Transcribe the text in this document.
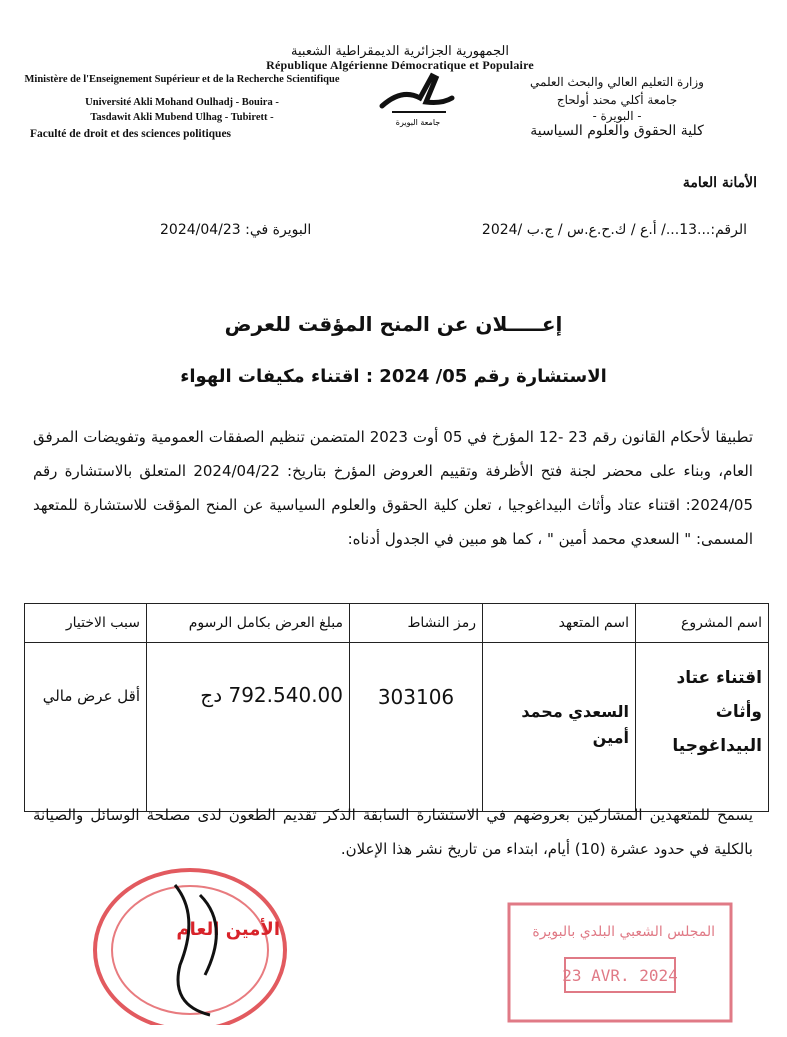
الجمهورية الجزائرية الديمقراطية الشعبية
République Algérienne Démocratique et Populaire
Ministère de l'Enseignement Supérieur et de la Recherche Scientifique
Université Akli Mohand Oulhadj - Bouira -
Tasdawit Akli Mubend Ulhag - Tubirett -
Faculté de droit et des sciences politiques
جامعة البويرة
وزارة التعليم العالي والبحث العلمي
جامعة أكلي محند أولحاج
- البويرة -
كلية الحقوق والعلوم السياسية
الأمانة العامة
الرقم:...13.../ أ.ع / ك.ح.ع.س / ج.ب /2024
البويرة في: 2024/04/23
إعـــــلان عن المنح المؤقت للعرض
الاستشارة رقم 05/ 2024 : اقتناء مكيفات الهواء
تطبيقا لأحكام القانون رقم 23 -12 المؤرخ في 05 أوت 2023 المتضمن تنظيم الصفقات العمومية وتفويضات المرفق العام، وبناء على محضر لجنة فتح الأظرفة وتقييم العروض المؤرخ بتاريخ: 2024/04/22 المتعلق بالاستشارة رقم 2024/05: اقتناء عتاد وأثاث البيداغوجيا ، تعلن كلية الحقوق والعلوم السياسية عن المنح المؤقت للاستشارة للمتعهد المسمى: " السعدي محمد أمين " ، كما هو مبين في الجدول أدناه:
اسم المشروع	اسم المتعهد	رمز النشاط	مبلغ العرض بكامل الرسوم	سبب الاختيار
اقتناء عتاد وأثاث البيداغوجيا	السعدي محمد أمين	303106	792.540.00 دج	أقل عرض مالي
يسمح للمتعهدين المشاركين بعروضهم في الاستشارة السابقة الذكر تقديم الطعون لدى مصلحة الوسائل والصيانة بالكلية في حدود عشرة (10) أيام، ابتداء من تاريخ نشر هذا الإعلان.
الأمين العام	المجلس الشعبي البلدي بالبويرة
23 AVR. 2024
